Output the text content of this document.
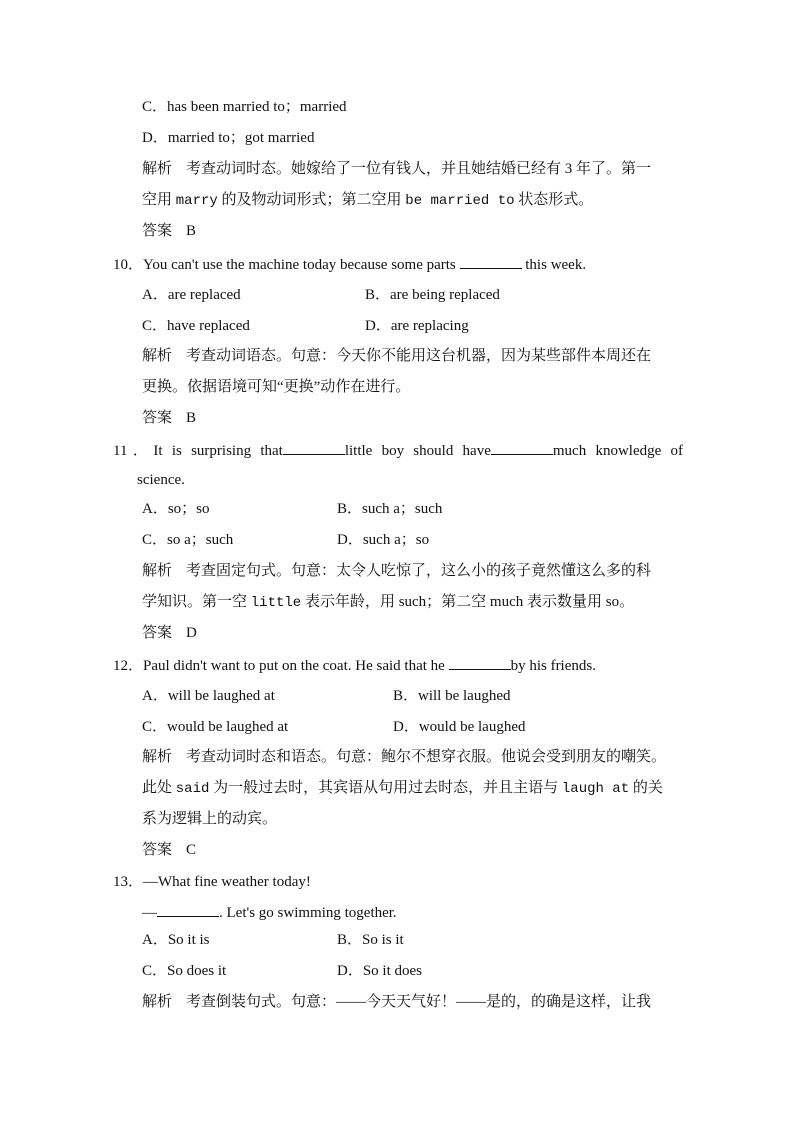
C．has been married to；married
D．married to；got married
解析 考查动词时态。她嫁给了一位有钱人，并且她结婚已经有 3 年了。第一
空用 marry 的及物动词形式；第二空用 be married to 状态形式。
答案 B
10．You can't use the machine today because some parts	this week.
A．are replaced	B．are being replaced
C．have replaced	D．are replacing
解析 考查动词语态。句意：今天你不能用这台机器，因为某些部件本周还在
更换。依据语境可知“更换”动作在进行。
答案 B
11．It is surprising that	little boy should have	much knowledge of
science.
A．so；so	B．such a；such
C．so a；such	D．such a；so
解析 考查固定句式。句意：太令人吃惊了，这么小的孩子竟然懂这么多的科
学知识。第一空 little 表示年龄，用 such；第二空 much 表示数量用 so。
答案 D
12．Paul didn't want to put on the coat. He said that he	by his friends.
A．will be laughed at	B．will be laughed
C．would be laughed at	D．would be laughed
解析 考查动词时态和语态。句意：鲍尔不想穿衣服。他说会受到朋友的嘲笑。
此处 said 为一般过去时，其宾语从句用过去时态，并且主语与 laugh at 的关
系为逻辑上的动宾。
答案 C
13．—What fine weather today!
—	. Let's go swimming together.
A．So it is	B．So is it
C．So does it	D．So it does
解析 考查倒装句式。句意：——今天天气好！——是的，的确是这样，让我
